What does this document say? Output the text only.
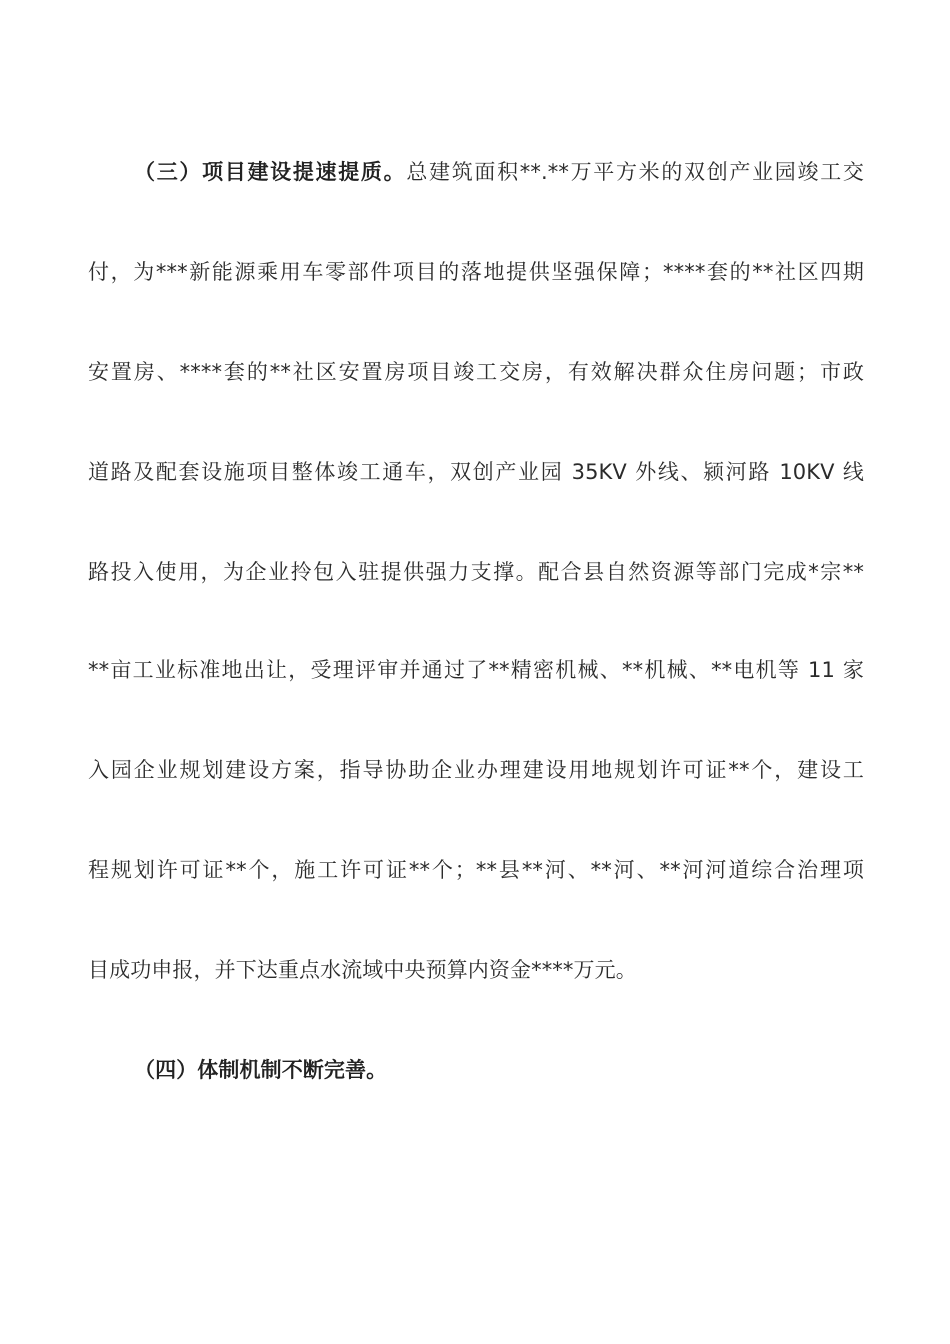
（三）项目建设提速提质。总建筑面积**.**万平方米的双创产业园竣工交
付，为***新能源乘用车零部件项目的落地提供坚强保障；****套的**社区四期
安置房、****套的**社区安置房项目竣工交房，有效解决群众住房问题；市政
道路及配套设施项目整体竣工通车，双创产业园 35KV 外线、颍河路 10KV 线
路投入使用，为企业拎包入驻提供强力支撑。配合县自然资源等部门完成*宗**
**亩工业标准地出让，受理评审并通过了**精密机械、**机械、**电机等 11 家
入园企业规划建设方案，指导协助企业办理建设用地规划许可证**个，建设工
程规划许可证**个，施工许可证**个；**县**河、**河、**河河道综合治理项
目成功申报，并下达重点水流域中央预算内资金****万元。
（四）体制机制不断完善。
